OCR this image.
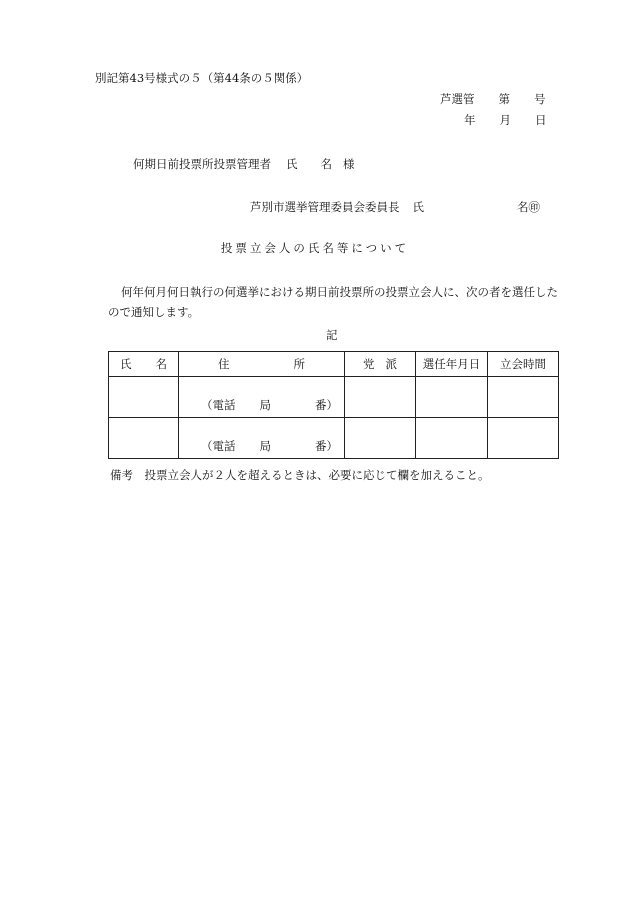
別記第43号様式の５（第44条の５関係）
芦選管 第 号
年 月 日
何期日前投票所投票管理者 氏 名 様
芦別市選挙管理委員会委員長 氏	名㊞
投票立会人の氏名等について
何年何月何日執行の何選挙における期日前投票所の投票立会人に、次の者を選任した
ので通知します。
記
氏 名	住 所	党 派	選任年月日	立会時間

	（電話 局 番）			

	（電話 局 番）			

備考　投票立会人が２人を超えるときは、必要に応じて欄を加えること。
